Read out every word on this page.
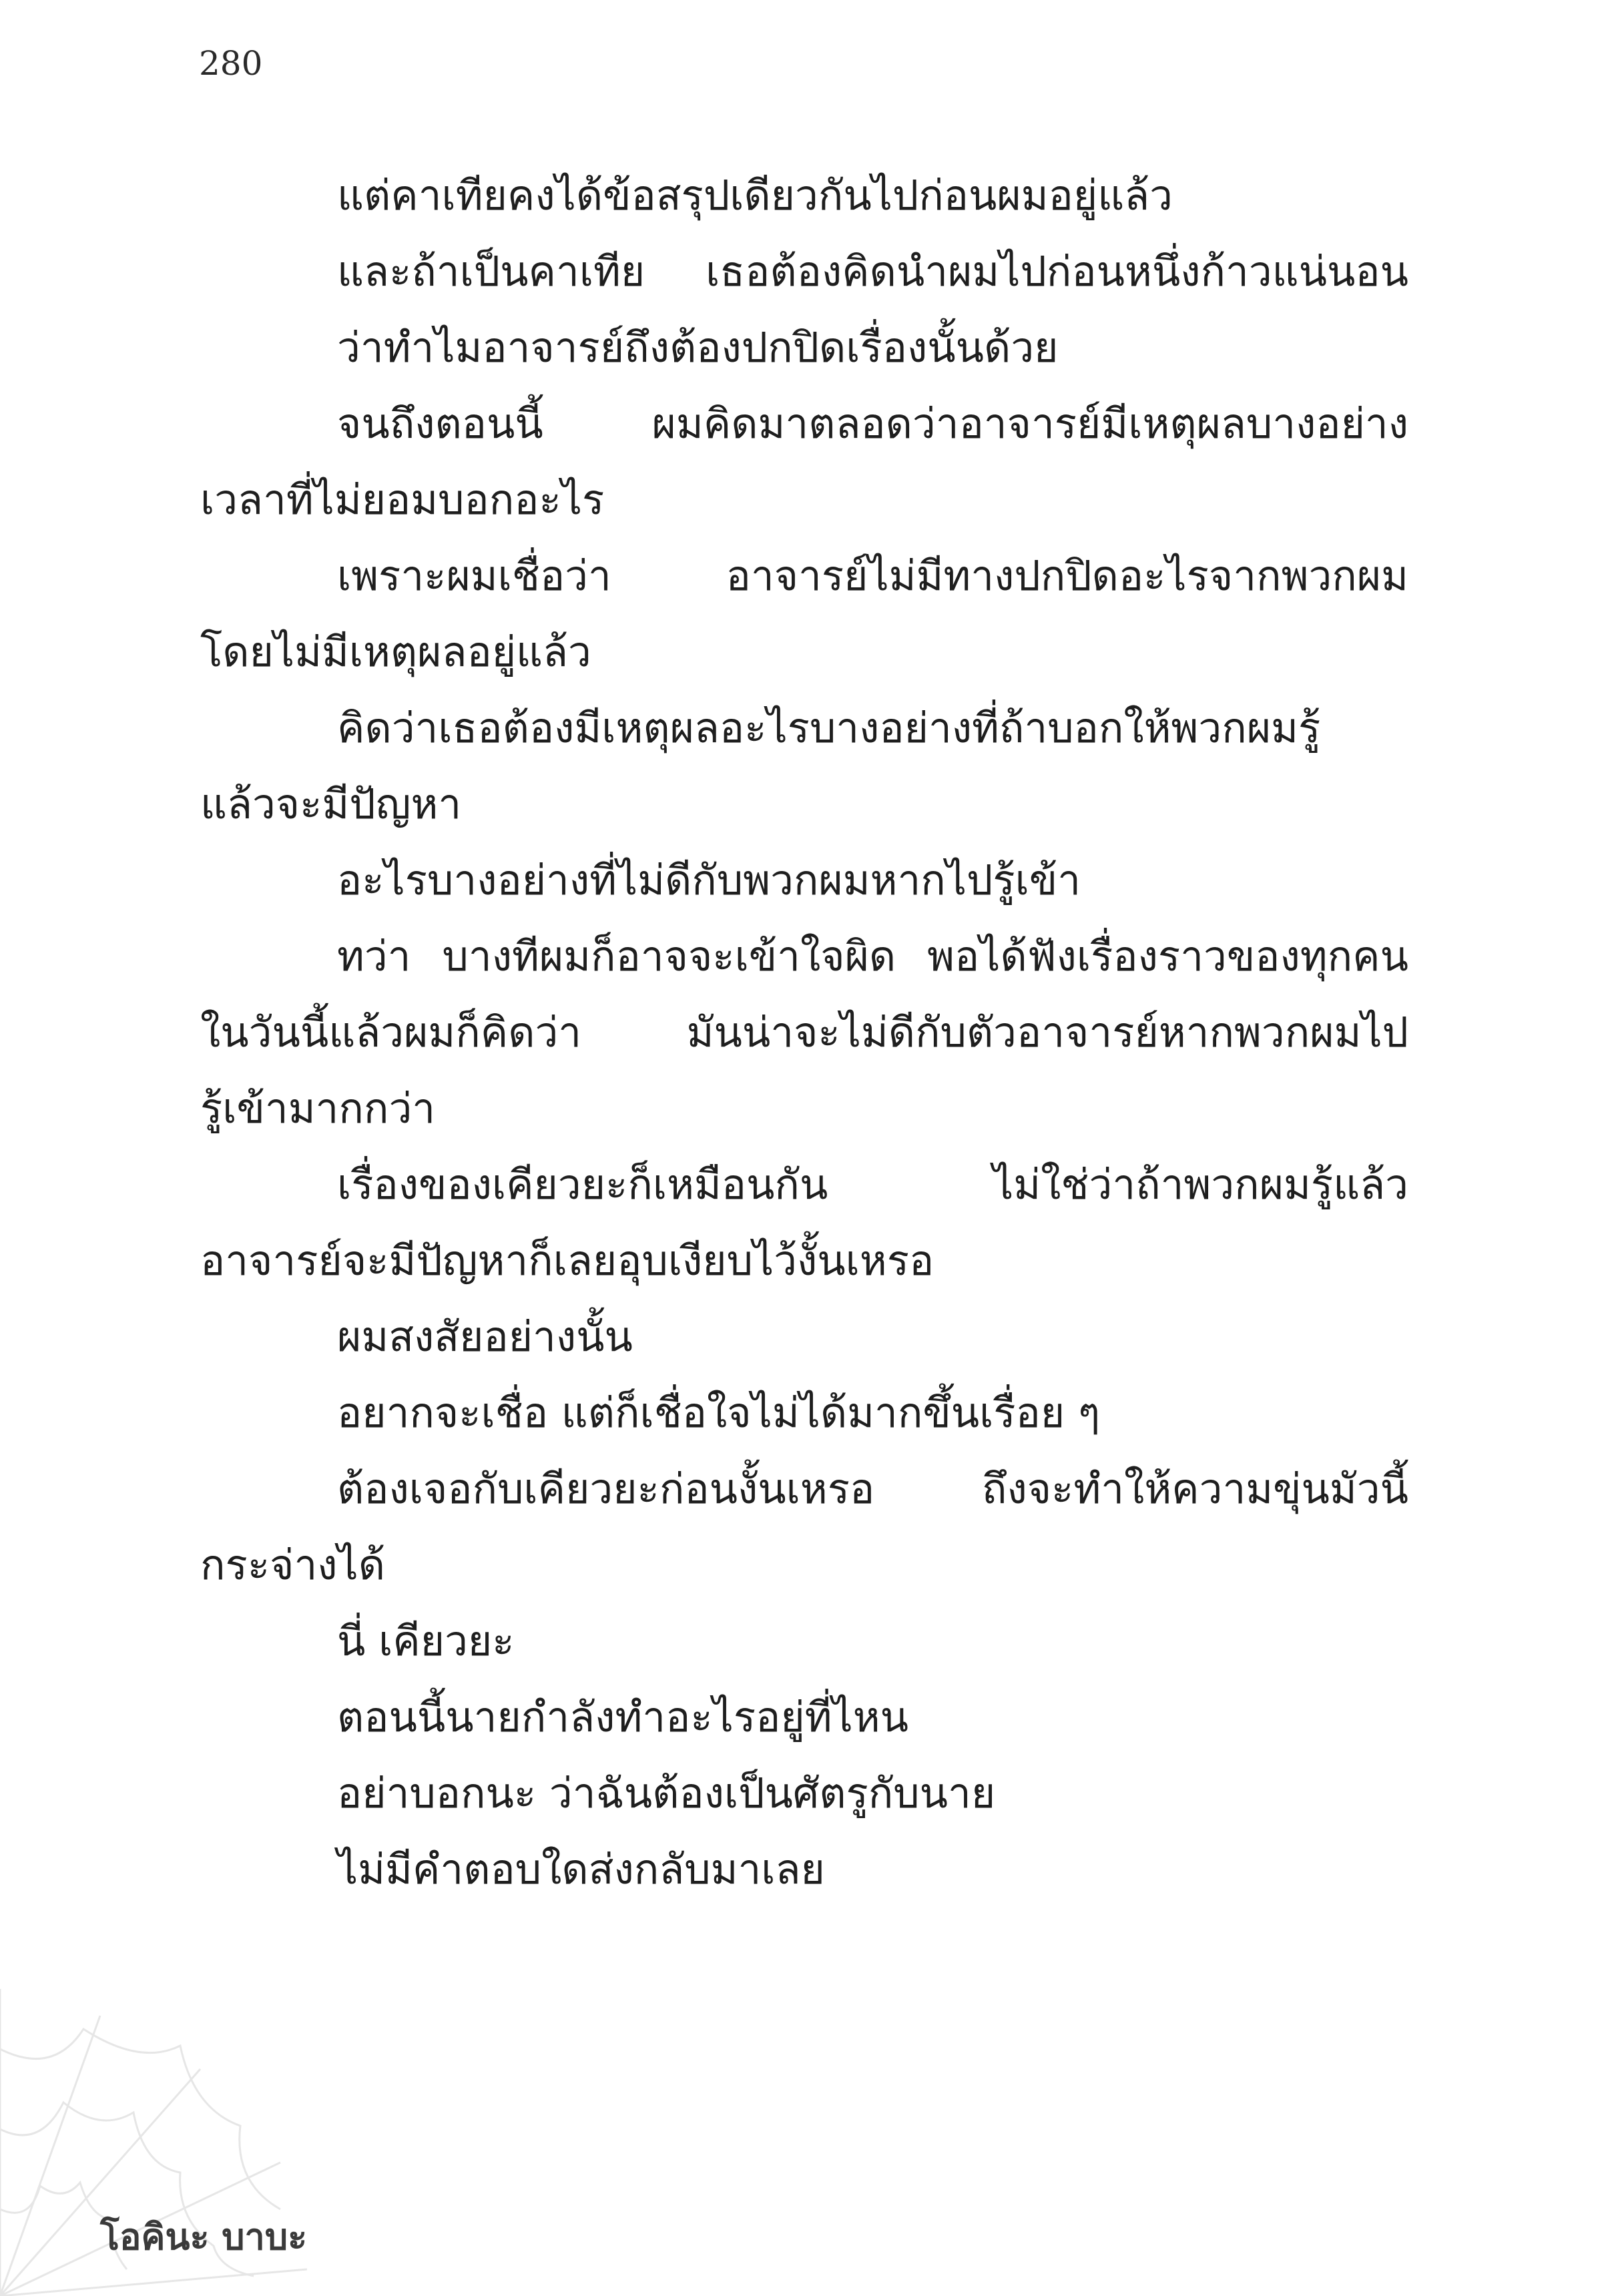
280
แต่คาเทียคงได้ข้อสรุปเดียวกันไปก่อนผมอยู่แล้ว
และถ้าเป็นคาเทีย เธอต้องคิดนำผมไปก่อนหนึ่งก้าวแน่นอน
ว่าทำไมอาจารย์ถึงต้องปกปิดเรื่องนั้นด้วย
จนถึงตอนนี้ ผมคิดมาตลอดว่าอาจารย์มีเหตุผลบางอย่าง
เวลาที่ไม่ยอมบอกอะไร
เพราะผมเชื่อว่า อาจารย์ไม่มีทางปกปิดอะไรจากพวกผม
โดยไม่มีเหตุผลอยู่แล้ว
คิดว่าเธอต้องมีเหตุผลอะไรบางอย่างที่ถ้าบอกให้พวกผมรู้
แล้วจะมีปัญหา
อะไรบางอย่างที่ไม่ดีกับพวกผมหากไปรู้เข้า
ทว่า บางทีผมก็อาจจะเข้าใจผิด พอได้ฟังเรื่องราวของทุกคน
ในวันนี้แล้วผมก็คิดว่า มันน่าจะไม่ดีกับตัวอาจารย์หากพวกผมไป
รู้เข้ามากกว่า
เรื่องของเคียวยะก็เหมือนกัน ไม่ใช่ว่าถ้าพวกผมรู้แล้ว
อาจารย์จะมีปัญหาก็เลยอุบเงียบไว้งั้นเหรอ
ผมสงสัยอย่างนั้น
อยากจะเชื่อ แต่ก็เชื่อใจไม่ได้มากขึ้นเรื่อย ๆ
ต้องเจอกับเคียวยะก่อนงั้นเหรอ ถึงจะทำให้ความขุ่นมัวนี้
กระจ่างได้
นี่ เคียวยะ
ตอนนี้นายกำลังทำอะไรอยู่ที่ไหน
อย่าบอกนะ ว่าฉันต้องเป็นศัตรูกับนาย
ไม่มีคำตอบใดส่งกลับมาเลย
โอคินะ บาบะ
